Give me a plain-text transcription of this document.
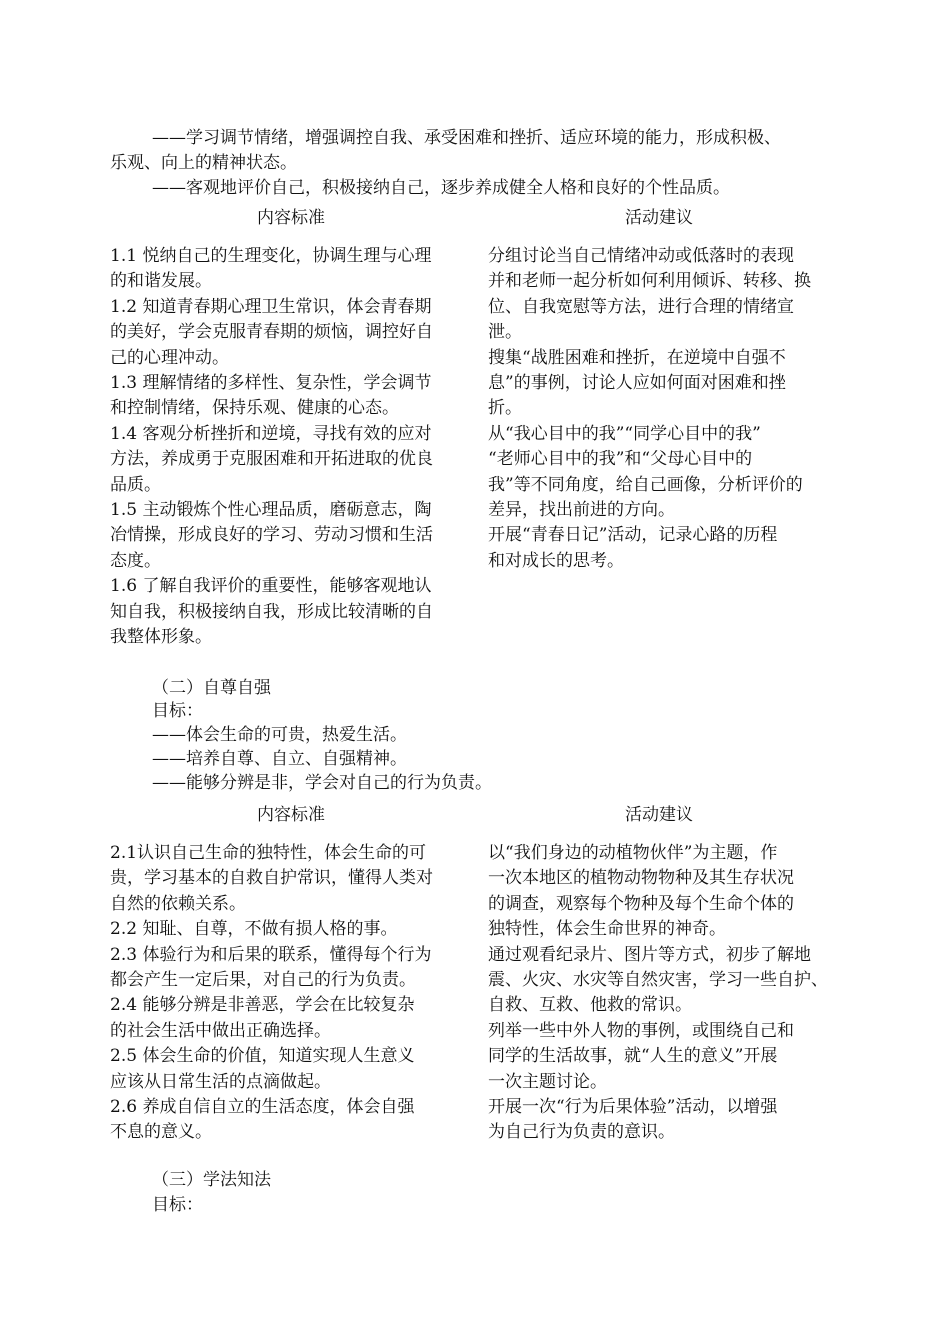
——学习调节情绪，增强调控自我、承受困难和挫折、适应环境的能力，形成积极、
乐观、向上的精神状态。
——客观地评价自己，积极接纳自己，逐步养成健全人格和良好的个性品质。
内容标准	活动建议
1.1 悦纳自己的生理变化，协调生理与心理
的和谐发展。
1.2 知道青春期心理卫生常识，体会青春期
的美好，学会克服青春期的烦恼，调控好自
己的心理冲动。
1.3 理解情绪的多样性、复杂性，学会调节
和控制情绪，保持乐观、健康的心态。
1.4 客观分析挫折和逆境，寻找有效的应对
方法，养成勇于克服困难和开拓进取的优良
品质。
1.5 主动锻炼个性心理品质，磨砺意志，陶
冶情操，形成良好的学习、劳动习惯和生活
态度。
1.6 了解自我评价的重要性，能够客观地认
知自我，积极接纳自我，形成比较清晰的自
我整体形象。
分组讨论当自己情绪冲动或低落时的表现
并和老师一起分析如何利用倾诉、转移、换
位、自我宽慰等方法，进行合理的情绪宣
泄。
搜集“战胜困难和挫折，在逆境中自强不
息”的事例，讨论人应如何面对困难和挫
折。
从“我心目中的我”“同学心目中的我”
“老师心目中的我”和“父母心目中的
我”等不同角度，给自己画像，分析评价的
差异，找出前进的方向。
开展“青春日记”活动，记录心路的历程
和对成长的思考。
（二）自尊自强
目标：
——体会生命的可贵，热爱生活。
——培养自尊、自立、自强精神。
——能够分辨是非，学会对自己的行为负责。
内容标准	活动建议
2.1认识自己生命的独特性，体会生命的可
贵，学习基本的自救自护常识，懂得人类对
自然的依赖关系。
2.2 知耻、自尊，不做有损人格的事。
2.3 体验行为和后果的联系，懂得每个行为
都会产生一定后果，对自己的行为负责。
2.4 能够分辨是非善恶，学会在比较复杂
的社会生活中做出正确选择。
2.5 体会生命的价值，知道实现人生意义
应该从日常生活的点滴做起。
2.6 养成自信自立的生活态度，体会自强
不息的意义。
以“我们身边的动植物伙伴”为主题，作
一次本地区的植物动物物种及其生存状况
的调查，观察每个物种及每个生命个体的
独特性，体会生命世界的神奇。
通过观看纪录片、图片等方式，初步了解地
震、火灾、水灾等自然灾害，学习一些自护、
自救、互救、他救的常识。
列举一些中外人物的事例，或围绕自己和
同学的生活故事，就“人生的意义”开展
一次主题讨论。
开展一次“行为后果体验”活动，以增强
为自己行为负责的意识。
（三）学法知法
目标：
